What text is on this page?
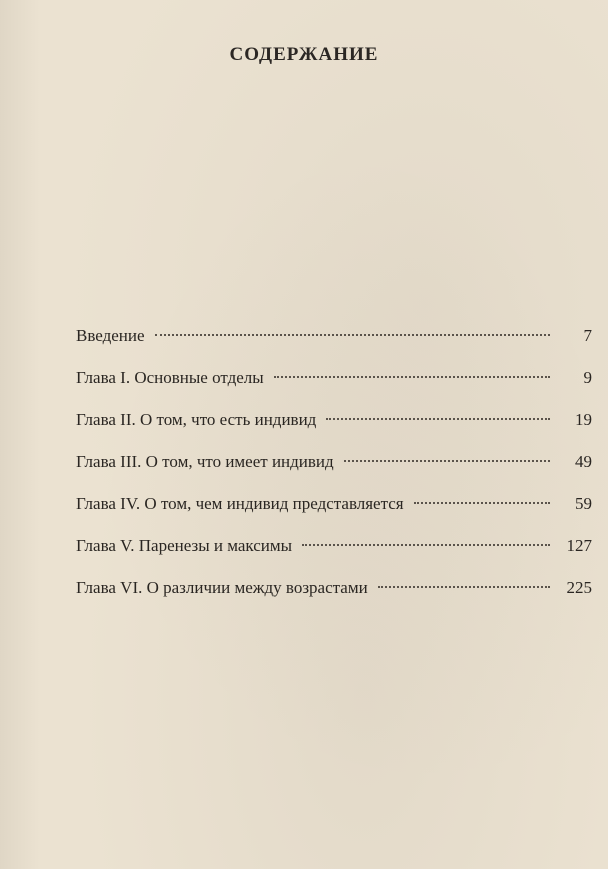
СОДЕРЖАНИЕ
Введение	7
Глава I. Основные отделы	9
Глава II. О том, что есть индивид	19
Глава III. О том, что имеет индивид	49
Глава IV. О том, чем индивид представляется	59
Глава V. Паренезы и максимы	127
Глава VI. О различии между возрастами	225
